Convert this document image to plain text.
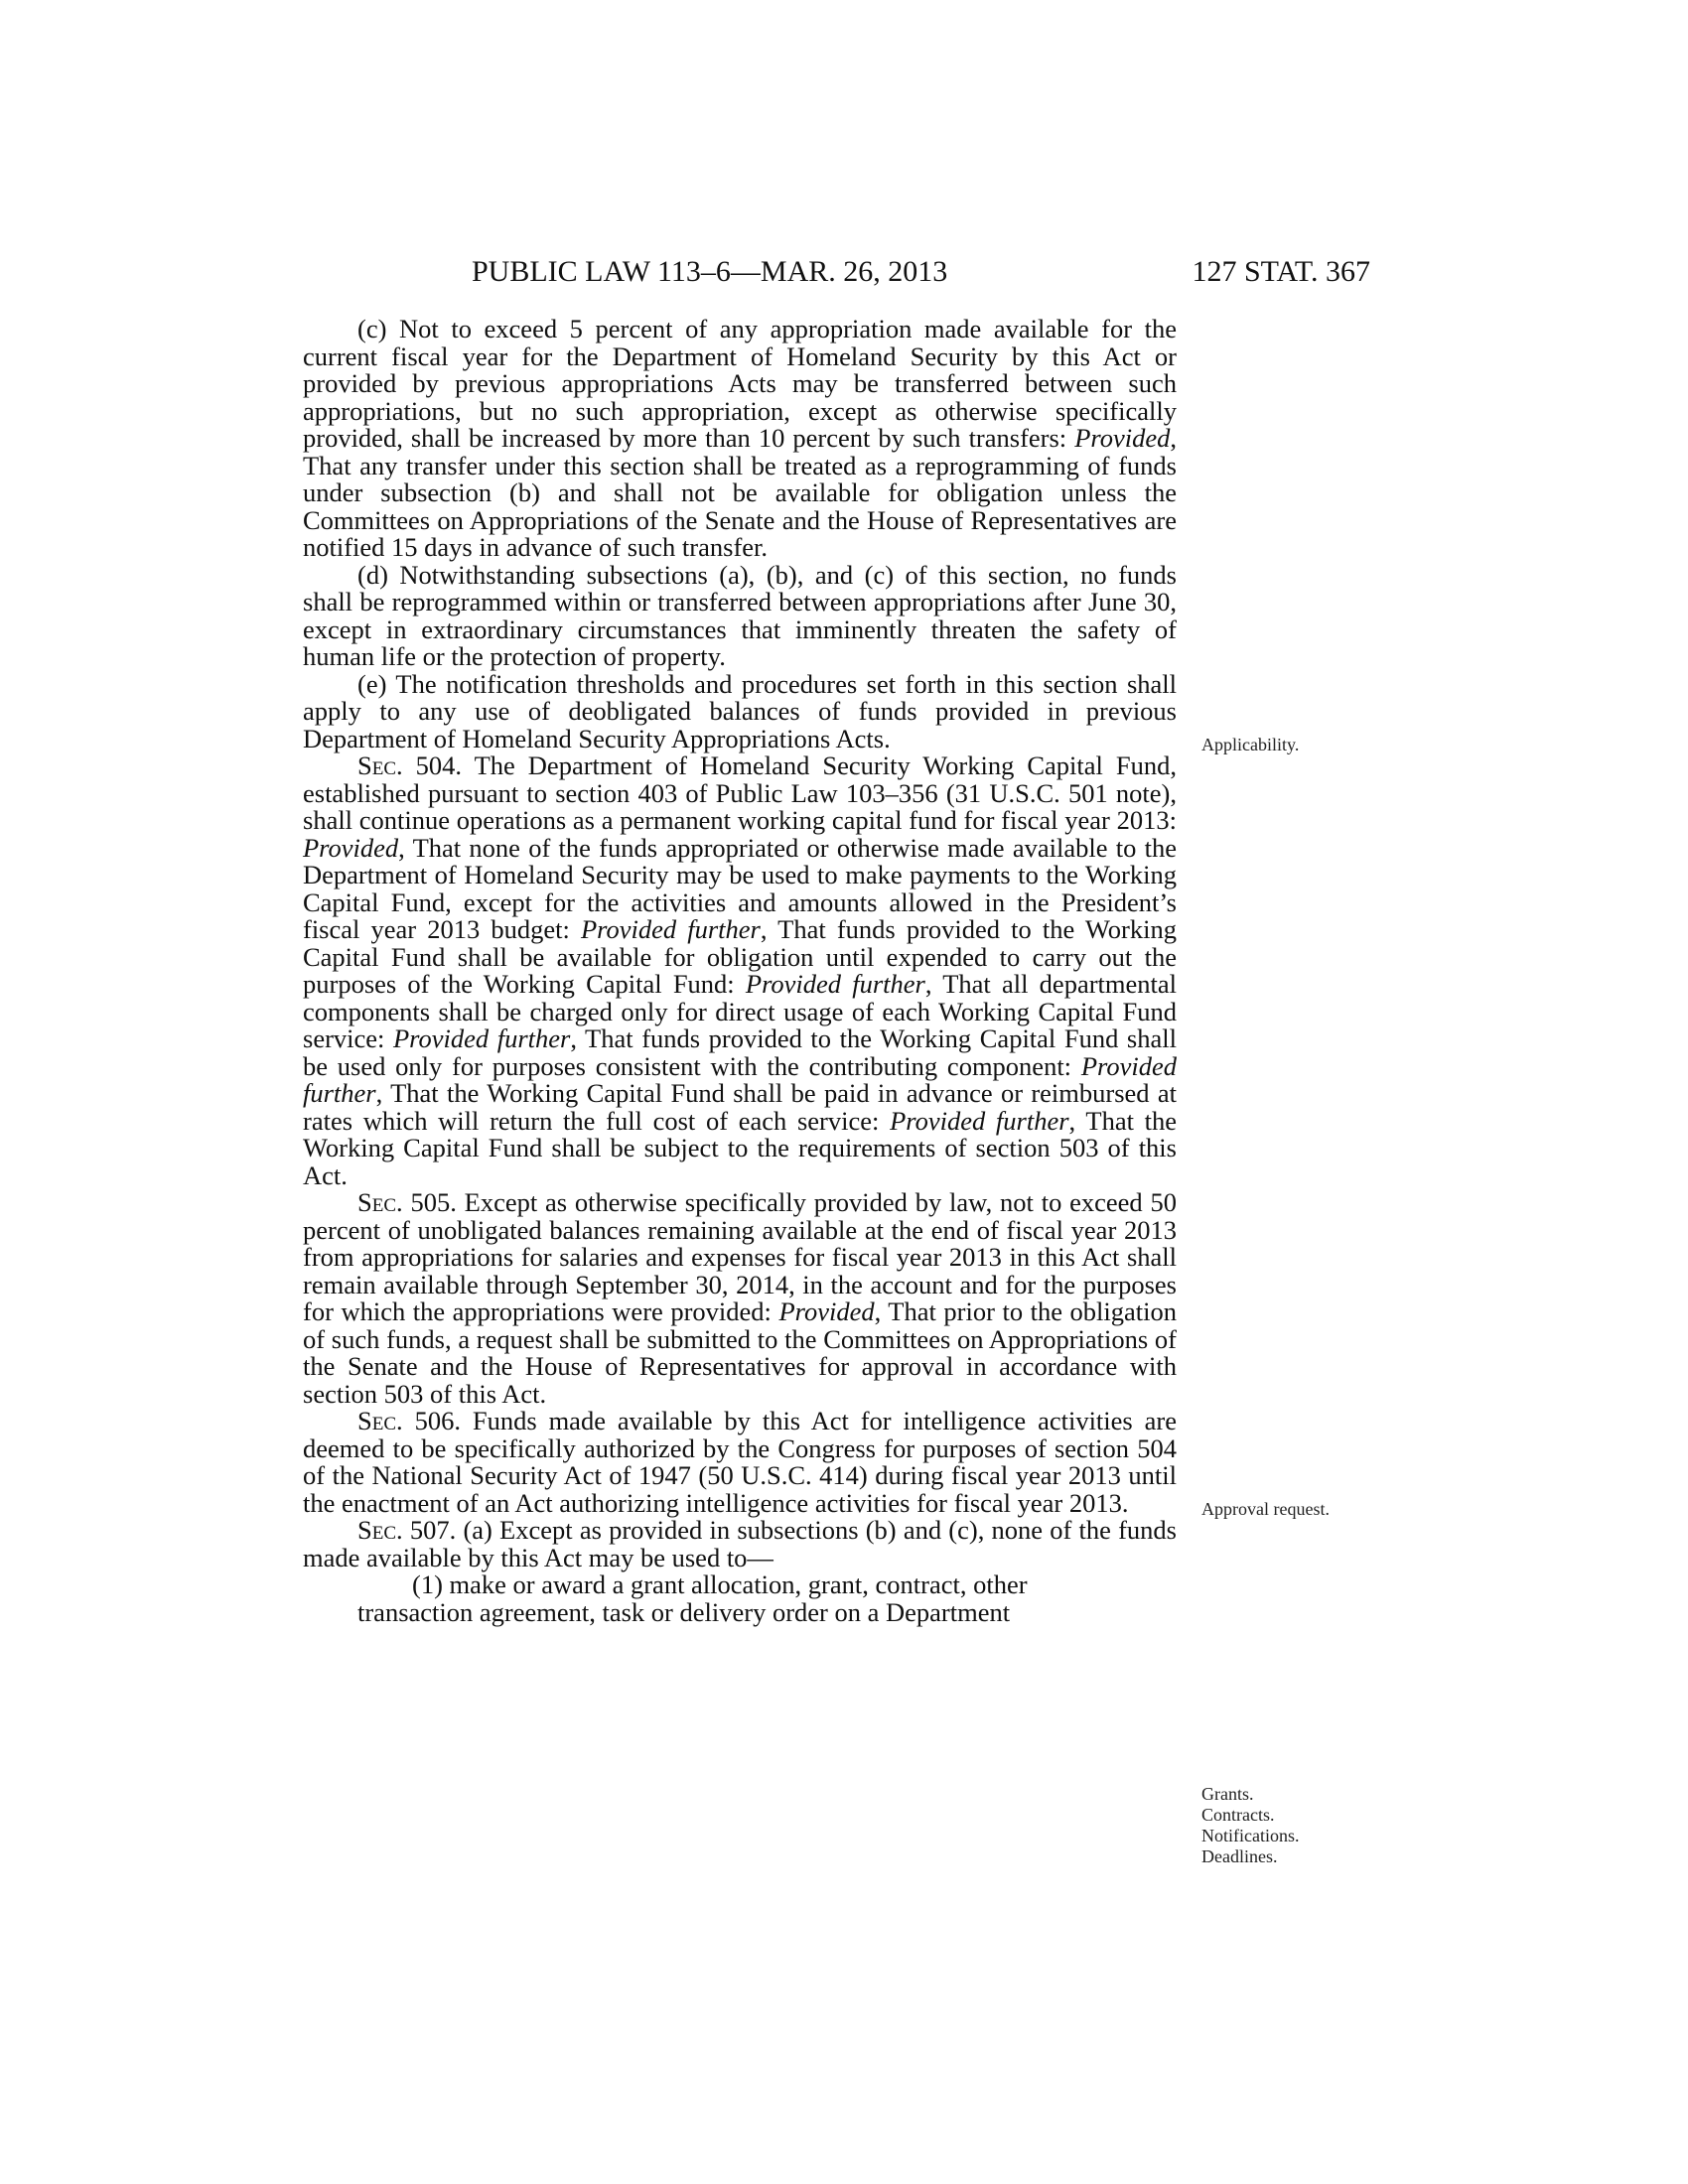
PUBLIC LAW 113–6—MAR. 26, 2013	127 STAT. 367

(c) Not to exceed 5 percent of any appropriation made available for the current fiscal year for the Department of Homeland Security by this Act or provided by previous appropriations Acts may be transferred between such appropriations, but no such appropriation, except as otherwise specifically provided, shall be increased by more than 10 percent by such transfers: Provided, That any transfer under this section shall be treated as a reprogramming of funds under subsection (b) and shall not be available for obligation unless the Committees on Appropriations of the Senate and the House of Representatives are notified 15 days in advance of such transfer.

(d) Notwithstanding subsections (a), (b), and (c) of this section, no funds shall be reprogrammed within or transferred between appropriations after June 30, except in extraordinary circumstances that imminently threaten the safety of human life or the protection of property.

(e) The notification thresholds and procedures set forth in this section shall apply to any use of deobligated balances of funds provided in previous Department of Homeland Security Appropriations Acts.

Sec. 504. The Department of Homeland Security Working Capital Fund, established pursuant to section 403 of Public Law 103–356 (31 U.S.C. 501 note), shall continue operations as a permanent working capital fund for fiscal year 2013: Provided, That none of the funds appropriated or otherwise made available to the Department of Homeland Security may be used to make payments to the Working Capital Fund, except for the activities and amounts allowed in the President’s fiscal year 2013 budget: Provided further, That funds provided to the Working Capital Fund shall be available for obligation until expended to carry out the purposes of the Working Capital Fund: Provided further, That all departmental components shall be charged only for direct usage of each Working Capital Fund service: Provided further, That funds provided to the Working Capital Fund shall be used only for purposes consistent with the contributing component: Provided further, That the Working Capital Fund shall be paid in advance or reimbursed at rates which will return the full cost of each service: Provided further, That the Working Capital Fund shall be subject to the requirements of section 503 of this Act.

Sec. 505. Except as otherwise specifically provided by law, not to exceed 50 percent of unobligated balances remaining available at the end of fiscal year 2013 from appropriations for salaries and expenses for fiscal year 2013 in this Act shall remain available through September 30, 2014, in the account and for the purposes for which the appropriations were provided: Provided, That prior to the obligation of such funds, a request shall be submitted to the Committees on Appropriations of the Senate and the House of Representatives for approval in accordance with section 503 of this Act.

Sec. 506. Funds made available by this Act for intelligence activities are deemed to be specifically authorized by the Congress for purposes of section 504 of the National Security Act of 1947 (50 U.S.C. 414) during fiscal year 2013 until the enactment of an Act authorizing intelligence activities for fiscal year 2013.

Sec. 507. (a) Except as provided in subsections (b) and (c), none of the funds made available by this Act may be used to—

(1) make or award a grant allocation, grant, contract, other
transaction agreement, task or delivery order on a Department

Applicability.
Approval request.
Grants.
Contracts.
Notifications.
Deadlines.
